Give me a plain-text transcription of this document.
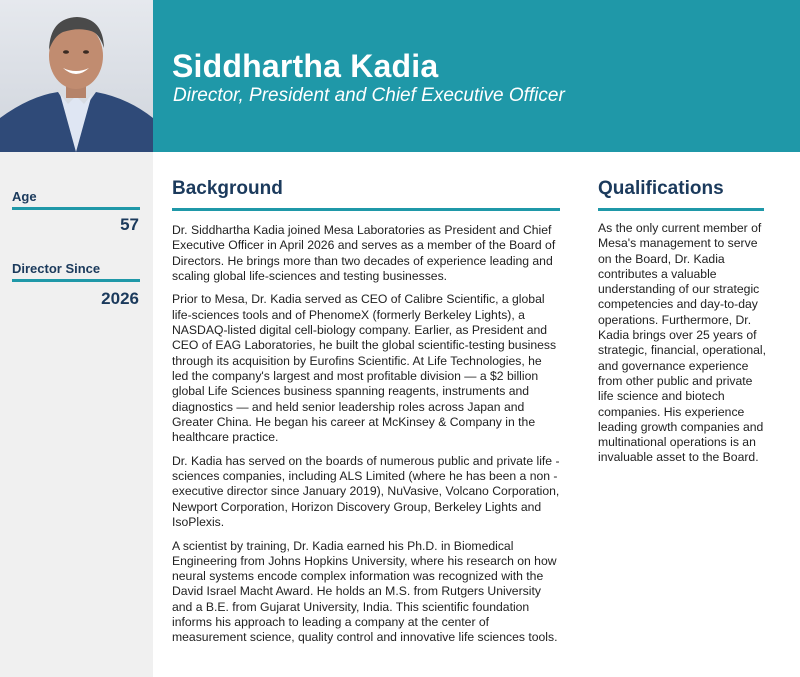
Siddhartha Kadia
Director, President and Chief Executive Officer
Age
57
Director Since
2026
Background

Dr. Siddhartha Kadia joined Mesa Laboratories as President and Chief Executive Officer in April 2026 and serves as a member of the Board of Directors. He brings more than two decades of experience leading and scaling global life-sciences and testing businesses.

Prior to Mesa, Dr. Kadia served as CEO of Calibre Scientific, a global life-sciences tools and of PhenomeX (formerly Berkeley Lights), a NASDAQ-listed digital cell-biology company. Earlier, as President and CEO of EAG Laboratories, he built the global scientific-testing business through its acquisition by Eurofins Scientific. At Life Technologies, he led the company's largest and most profitable division — a $2 billion global Life Sciences business spanning reagents, instruments and diagnostics — and held senior leadership roles across Japan and Greater China. He began his career at McKinsey & Company in the healthcare practice.

Dr. Kadia has served on the boards of numerous public and private life - sciences companies, including ALS Limited (where he has been a non - executive director since January 2019), NuVasive, Volcano Corporation, Newport Corporation, Horizon Discovery Group, Berkeley Lights and IsoPlexis.

A scientist by training, Dr. Kadia earned his Ph.D. in Biomedical Engineering from Johns Hopkins University, where his research on how neural systems encode complex information was recognized with the David Israel Macht Award. He holds an M.S. from Rutgers University and a B.E. from Gujarat University, India. This scientific foundation informs his approach to leading a company at the center of measurement science, quality control and innovative life sciences tools.

Qualifications
As the only current member of Mesa's management to serve on the Board, Dr. Kadia contributes a valuable understanding of our strategic competencies and day-to-day operations. Furthermore, Dr. Kadia brings over 25 years of strategic, financial, operational, and governance experience from other public and private life science and biotech companies. His experience leading growth companies and multinational operations is an invaluable asset to the Board.
